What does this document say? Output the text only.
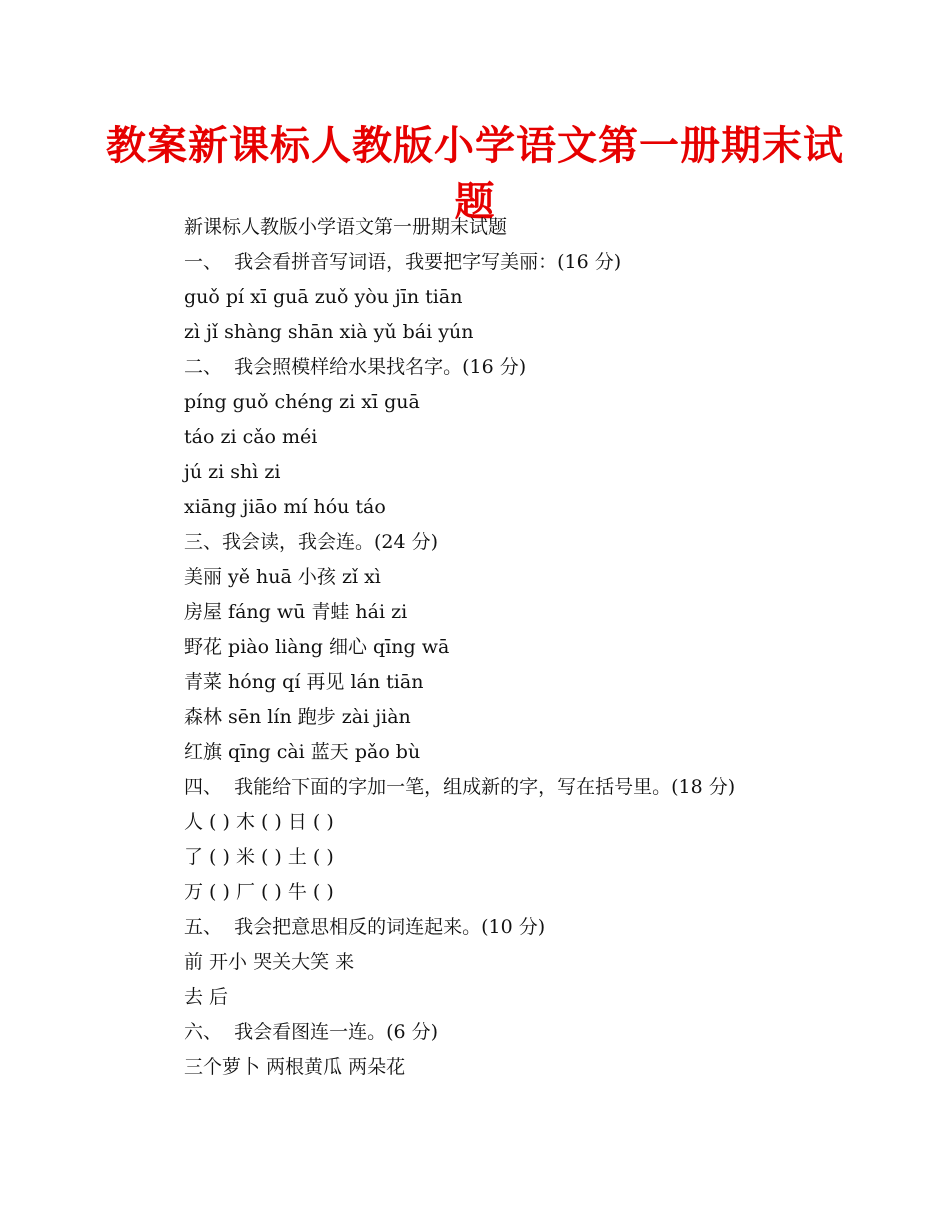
教案新课标人教版小学语文第一册期末试题
新课标人教版小学语文第一册期末试题
一、  我会看拼音写词语，我要把字写美丽：(16 分)
guǒ pí xī guā zuǒ yòu jīn tiān
zì jǐ shàng shān xià yǔ bái yún
二、  我会照模样给水果找名字。(16 分)
píng guǒ chéng zi xī guā
táo zi cǎo méi
jú zi shì zi
xiāng jiāo mí hóu táo
三、我会读，我会连。(24 分)
美丽 yě huā 小孩 zǐ xì
房屋 fáng wū 青蛙 hái zi
野花 piào liàng 细心 qīng wā
青菜 hóng qí 再见 lán tiān
森林 sēn lín 跑步 zài jiàn
红旗 qīng cài 蓝天 pǎo bù
四、  我能给下面的字加一笔，组成新的字，写在括号里。(18 分)
人 ( ) 木 ( ) 日 ( )
了 ( ) 米 ( ) 土 ( )
万 ( ) 厂 ( ) 牛 ( )
五、  我会把意思相反的词连起来。(10 分)
前 开小 哭关大笑 来
去 后
六、  我会看图连一连。(6 分)
三个萝卜 两根黄瓜 两朵花
